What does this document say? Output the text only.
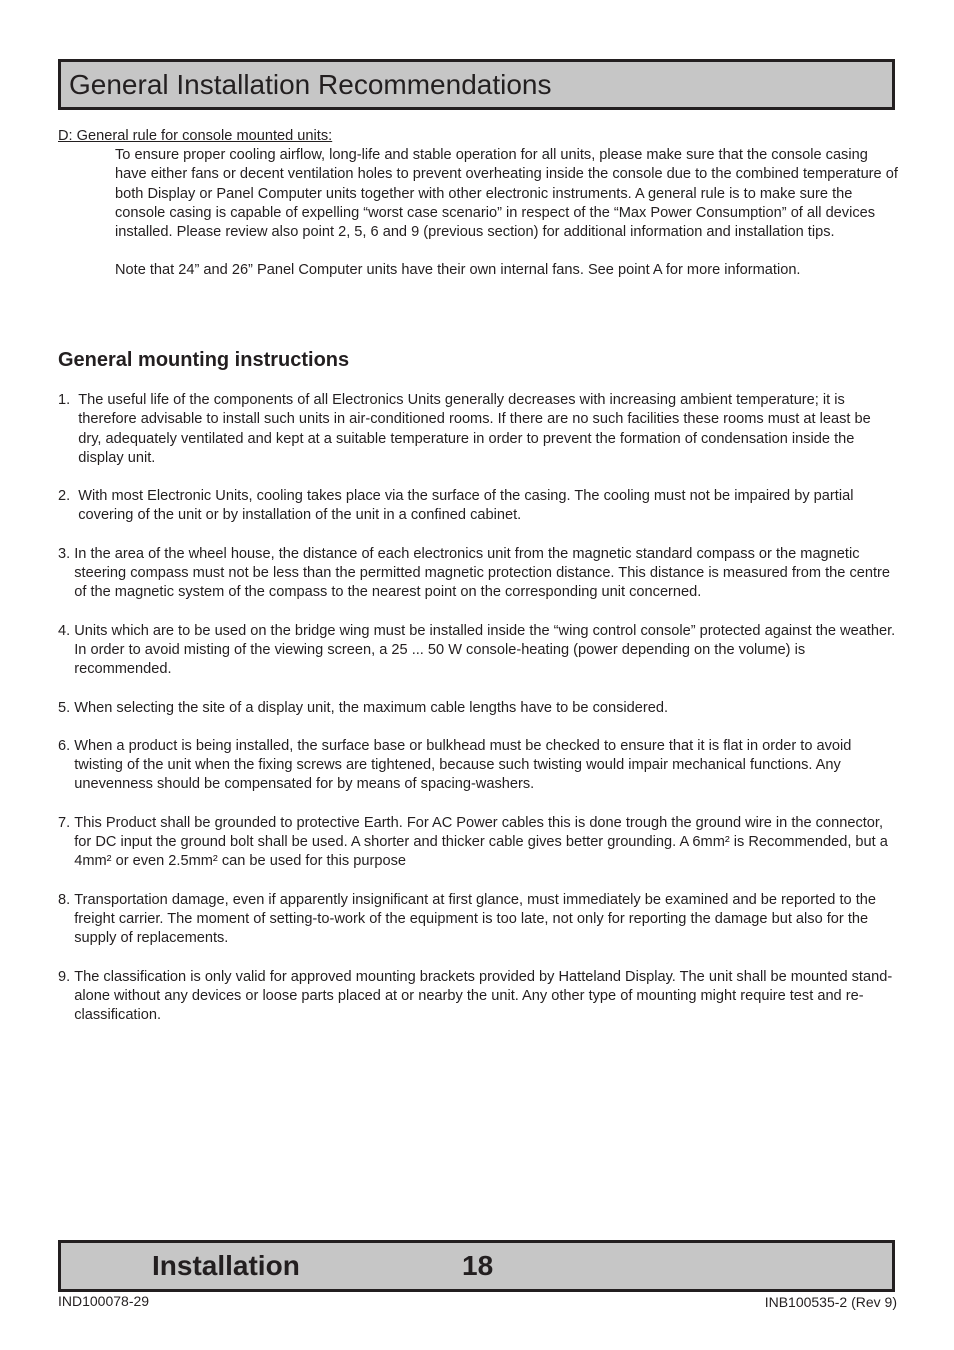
General Installation Recommendations
D: General rule for console mounted units:
To ensure proper cooling airflow, long-life and stable operation for all units, please make sure that the console casing have either fans or decent ventilation holes to prevent overheating inside the console due to the combined temperature of both Display or Panel Computer units together with other electronic instruments. A general rule is to make sure the console casing is capable of expelling “worst case scenario” in respect of the “Max Power Consumption” of all devices installed. Please review also point 2, 5, 6 and 9 (previous section) for additional information and installation tips.
Note that 24” and 26” Panel Computer units have their own internal fans. See point A for more information.
General mounting instructions
1. The useful life of the components of all Electronics Units generally decreases with increasing ambient temperature; it is therefore advisable to install such units in air-conditioned rooms. If there are no such facilities these rooms must at least be dry, adequately ventilated and kept at a suitable temperature in order to prevent the formation of condensation inside the display unit.
2. With most Electronic Units, cooling takes place via the surface of the casing. The cooling must not be impaired by partial covering of the unit or by installation of the unit in a confined cabinet.
3. In the area of the wheel house, the distance of each electronics unit from the magnetic standard compass or the magnetic steering compass must not be less than the permitted magnetic protection distance. This distance is measured from the centre of the magnetic system of the compass to the nearest point on the corresponding unit concerned.
4. Units which are to be used on the bridge wing must be installed inside the “wing control console” protected against the weather. In order to avoid misting of the viewing screen, a 25 ... 50 W console-heating (power depending on the volume) is recommended.
5. When selecting the site of a display unit, the maximum cable lengths have to be considered.
6. When a product is being installed, the surface base or bulkhead must be checked to ensure that it is flat in order to avoid twisting of the unit when the fixing screws are tightened, because such twisting would impair mechanical functions. Any unevenness should be compensated for by means of spacing-washers.
7. This Product shall be grounded to protective Earth. For AC Power cables this is done trough the ground wire in the connector, for DC input the ground bolt shall be used. A shorter and thicker cable gives better grounding. A 6mm² is Recommended, but a 4mm² or even 2.5mm² can be used for this purpose
8. Transportation damage, even if apparently insignificant at first glance, must immediately be examined and be reported to the freight carrier. The moment of setting-to-work of the equipment is too late, not only for reporting the damage but also for the supply of replacements.
9. The classification is only valid for approved mounting brackets provided by Hatteland Display. The unit shall be mounted stand-alone without any devices or loose parts placed at or nearby the unit. Any other type of mounting might require test and re-classification.
Installation	18
IND100078-29	INB100535-2 (Rev 9)
